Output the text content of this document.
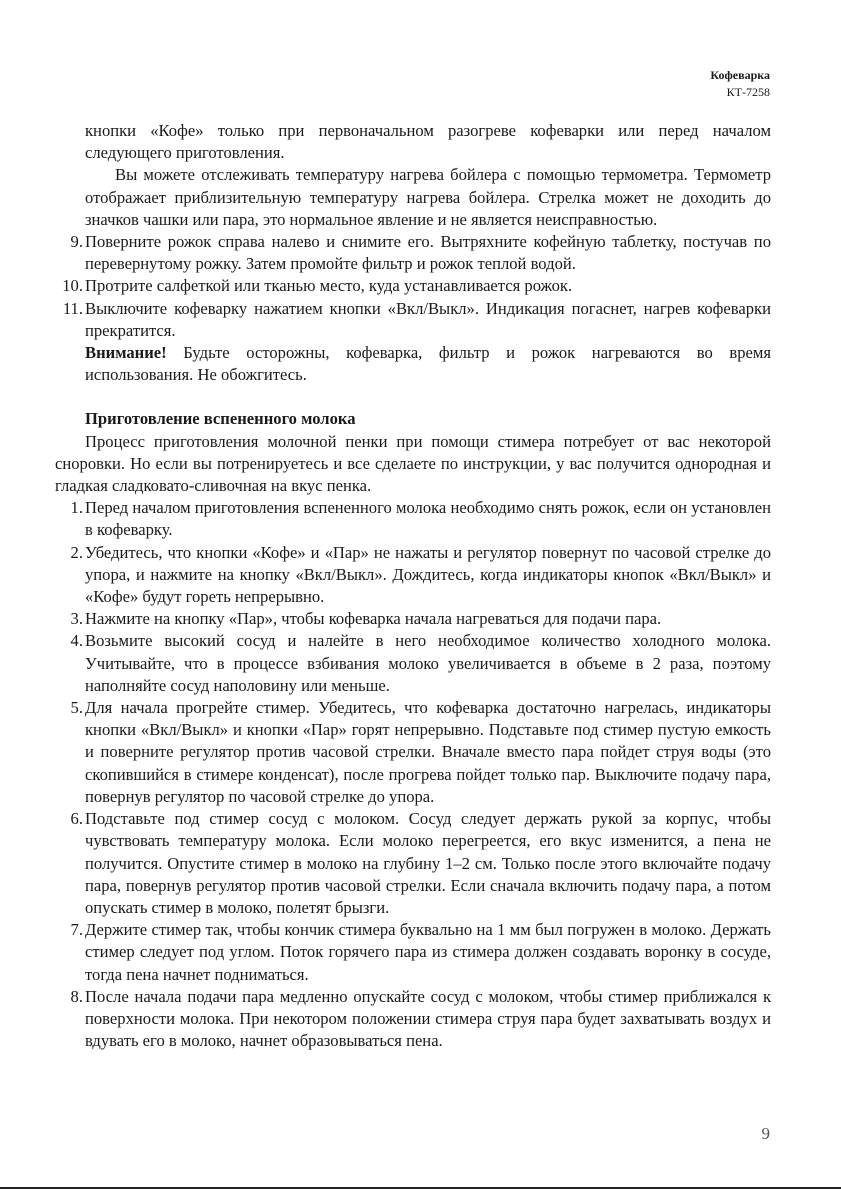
Кофеварка
КТ-7258

кнопки «Кофе» только при первоначальном разогреве кофеварки или перед началом следующего приготовления.

Вы можете отслеживать температуру нагрева бойлера с помощью термометра. Термометр отображает приблизительную температуру нагрева бойлера. Стрелка может не доходить до значков чашки или пара, это нормальное явление и не является неисправностью.

9. Поверните рожок справа налево и снимите его. Вытряхните кофейную таблетку, постучав по перевернутому рожку. Затем промойте фильтр и рожок теплой водой.

10. Протрите салфеткой или тканью место, куда устанавливается рожок.

11. Выключите кофеварку нажатием кнопки «Вкл/Выкл». Индикация погаснет, нагрев кофеварки прекратится.

Внимание! Будьте осторожны, кофеварка, фильтр и рожок нагреваются во время использования. Не обожгитесь.

Приготовление вспененного молока

Процесс приготовления молочной пенки при помощи стимера потребует от вас некоторой сноровки. Но если вы потренируетесь и все сделаете по инструкции, у вас получится однородная и гладкая сладковато-сливочная на вкус пенка.

1. Перед началом приготовления вспененного молока необходимо снять рожок, если он установлен в кофеварку.

2. Убедитесь, что кнопки «Кофе» и «Пар» не нажаты и регулятор повернут по часовой стрелке до упора, и нажмите на кнопку «Вкл/Выкл». Дождитесь, когда индикаторы кнопок «Вкл/Выкл» и «Кофе» будут гореть непрерывно.

3. Нажмите на кнопку «Пар», чтобы кофеварка начала нагреваться для подачи пара.

4. Возьмите высокий сосуд и налейте в него необходимое количество холодного молока. Учитывайте, что в процессе взбивания молоко увеличивается в объеме в 2 раза, поэтому наполняйте сосуд наполовину или меньше.

5. Для начала прогрейте стимер. Убедитесь, что кофеварка достаточно нагрелась, индикаторы кнопки «Вкл/Выкл» и кнопки «Пар» горят непрерывно. Подставьте под стимер пустую емкость и поверните регулятор против часовой стрелки. Вначале вместо пара пойдет струя воды (это скопившийся в стимере конденсат), после прогрева пойдет только пар. Выключите подачу пара, повернув регулятор по часовой стрелке до упора.

6. Подставьте под стимер сосуд с молоком. Сосуд следует держать рукой за корпус, чтобы чувствовать температуру молока. Если молоко перегреется, его вкус изменится, а пена не получится. Опустите стимер в молоко на глубину 1–2 см. Только после этого включайте подачу пара, повернув регулятор против часовой стрелки. Если сначала включить подачу пара, а потом опускать стимер в молоко, полетят брызги.

7. Держите стимер так, чтобы кончик стимера буквально на 1 мм был погружен в молоко. Держать стимер следует под углом. Поток горячего пара из стимера должен создавать воронку в сосуде, тогда пена начнет подниматься.

8. После начала подачи пара медленно опускайте сосуд с молоком, чтобы стимер приближался к поверхности молока. При некотором положении стимера струя пара будет захватывать воздух и вдувать его в молоко, начнет образовываться пена.

9
